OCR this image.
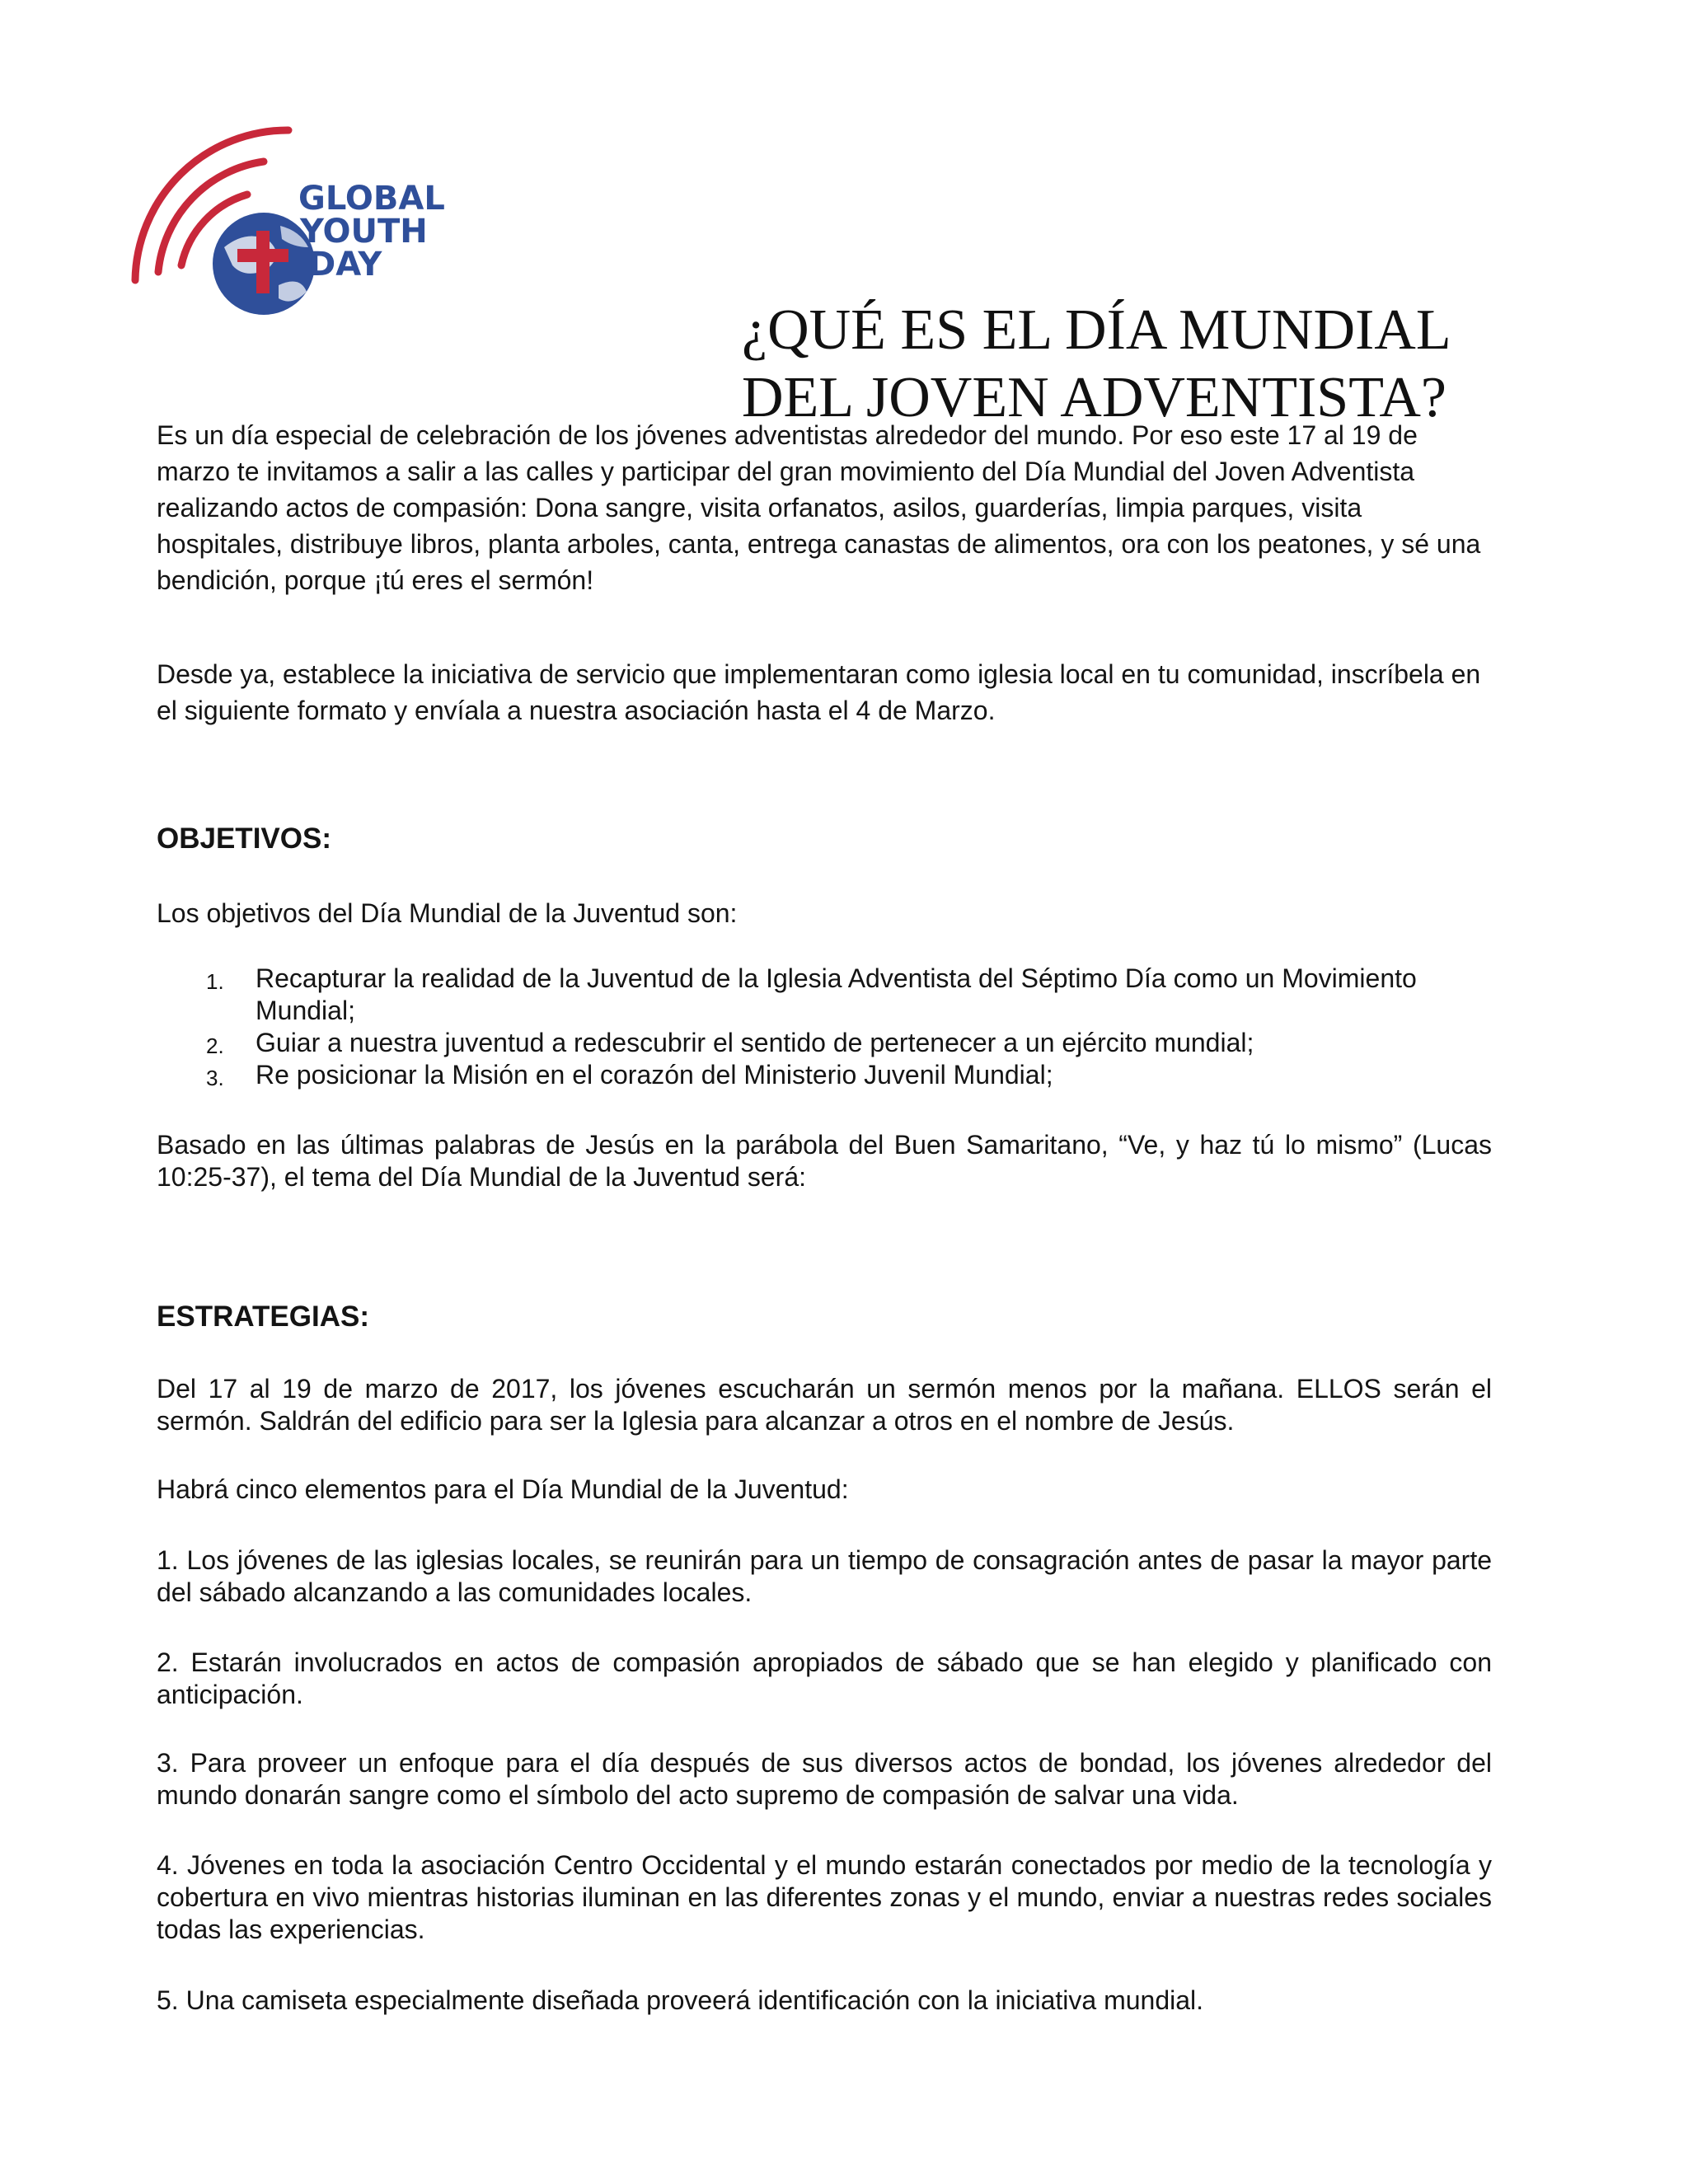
GLOBAL
YOUTH
DAY
¿QUÉ ES EL DÍA MUNDIAL
DEL JOVEN ADVENTISTA?

Es un día especial de celebración de los jóvenes adventistas alrededor del mundo. Por eso este 17 al 19 de marzo te invitamos a salir a las calles y participar del gran movimiento del Día Mundial del Joven Adventista realizando actos de compasión: Dona sangre, visita orfanatos, asilos, guarderías, limpia parques, visita hospitales, distribuye libros, planta arboles, canta, entrega canastas de alimentos, ora con los peatones, y sé una bendición, porque ¡tú eres el sermón!

Desde ya, establece la iniciativa de servicio que implementaran como iglesia local en tu comunidad, inscríbela en el siguiente formato y envíala a nuestra asociación hasta el 4 de Marzo.

OBJETIVOS:

Los objetivos del Día Mundial de la Juventud son:

1. Recapturar la realidad de la Juventud de la Iglesia Adventista del Séptimo Día como un Movimiento Mundial;
2. Guiar a nuestra juventud a redescubrir el sentido de pertenecer a un ejército mundial;
3. Re posicionar la Misión en el corazón del Ministerio Juvenil Mundial;

Basado en las últimas palabras de Jesús en la parábola del Buen Samaritano, “Ve, y haz tú lo mismo” (Lucas 10:25-37), el tema del Día Mundial de la Juventud será:

ESTRATEGIAS:

Del 17 al 19 de marzo de 2017, los jóvenes escucharán un sermón menos por la mañana. ELLOS serán el sermón. Saldrán del edificio para ser la Iglesia para alcanzar a otros en el nombre de Jesús.

Habrá cinco elementos para el Día Mundial de la Juventud:

1. Los jóvenes de las iglesias locales, se reunirán para un tiempo de consagración antes de pasar la mayor parte del sábado alcanzando a las comunidades locales.

2. Estarán involucrados en actos de compasión apropiados de sábado que se han elegido y planificado con anticipación.

3. Para proveer un enfoque para el día después de sus diversos actos de bondad, los jóvenes alrededor del mundo donarán sangre como el símbolo del acto supremo de compasión de salvar una vida.

4. Jóvenes en toda la asociación Centro Occidental y el mundo estarán conectados por medio de la tecnología y cobertura en vivo mientras historias iluminan en las diferentes zonas y el mundo, enviar a nuestras redes sociales todas las experiencias.

5. Una camiseta especialmente diseñada proveerá identificación con la iniciativa mundial.
